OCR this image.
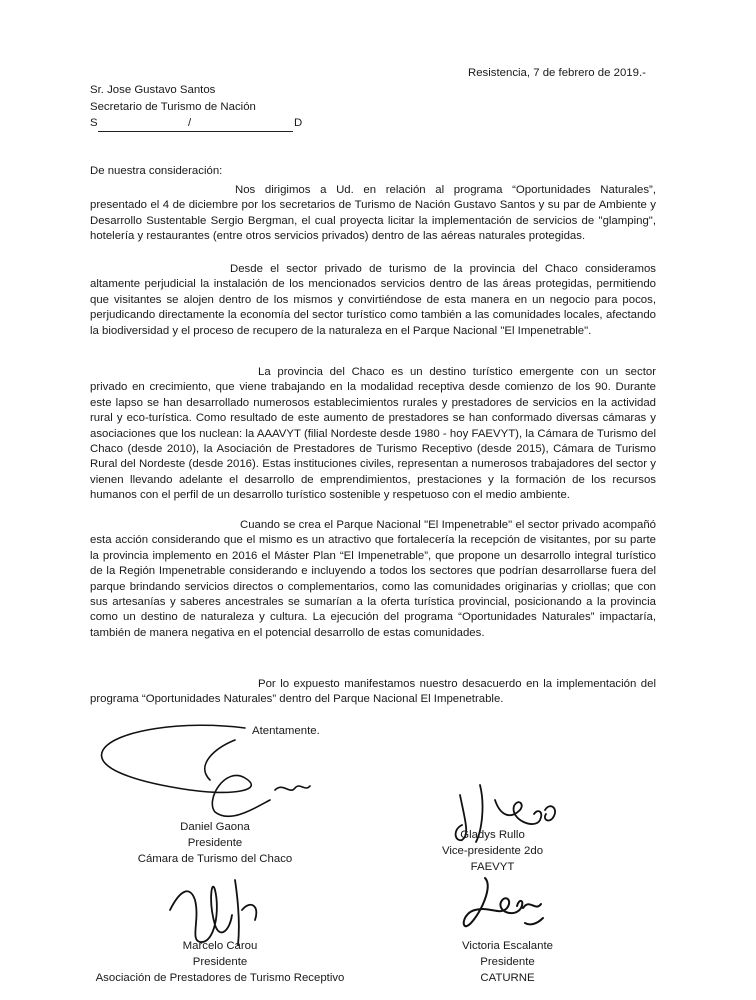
Resistencia, 7 de febrero de 2019.-
Sr. Jose Gustavo Santos
Secretario de Turismo de Nación
S	/	D
De nuestra consideración:

Nos dirigimos a Ud. en relación al programa “Oportunidades Naturales”, presentado el 4 de diciembre por los secretarios de Turismo de Nación Gustavo Santos y su par de Ambiente y Desarrollo Sustentable Sergio Bergman, el cual proyecta licitar la implementación de servicios de "glamping", hotelería y restaurantes (entre otros servicios privados) dentro de las aéreas naturales protegidas.

Desde el sector privado de turismo de la provincia del Chaco consideramos altamente perjudicial la instalación de los mencionados servicios dentro de las áreas protegidas, permitiendo que visitantes se alojen dentro de los mismos y convirtiéndose de esta manera en un negocio para pocos, perjudicando directamente la economía del sector turístico como también a las comunidades locales, afectando la biodiversidad y el proceso de recupero de la naturaleza en el Parque Nacional "El Impenetrable".

La provincia del Chaco es un destino turístico emergente con un sector privado en crecimiento, que viene trabajando en la modalidad receptiva desde comienzo de los 90. Durante este lapso se han desarrollado numerosos establecimientos rurales y prestadores de servicios en la actividad rural y eco-turística. Como resultado de este aumento de prestadores se han conformado diversas cámaras y asociaciones que los nuclean: la AAAVYT (filial Nordeste desde 1980 - hoy FAEVYT), la Cámara de Turismo del Chaco (desde 2010), la Asociación de Prestadores de Turismo Receptivo (desde 2015), Cámara de Turismo Rural del Nordeste (desde 2016). Estas instituciones civiles, representan a numerosos trabajadores del sector y vienen llevando adelante el desarrollo de emprendimientos, prestaciones y la formación de los recursos humanos con el perfil de un desarrollo turístico sostenible y respetuoso con el medio ambiente.

Cuando se crea el Parque Nacional "El Impenetrable" el sector privado acompañó esta acción considerando que el mismo es un atractivo que fortalecería la recepción de visitantes, por su parte la provincia implemento en 2016 el Máster Plan “El Impenetrable”, que propone un desarrollo integral turístico de la Región Impenetrable considerando e incluyendo a todos los sectores que podrían desarrollarse fuera del parque brindando servicios directos o complementarios, como las comunidades originarias y criollas; que con sus artesanías y saberes ancestrales se sumarían a la oferta turística provincial, posicionando a la provincia como un destino de naturaleza y cultura. La ejecución del programa “Oportunidades Naturales” impactaría, también de manera negativa en el potencial desarrollo de estas comunidades.

Por lo expuesto manifestamos nuestro desacuerdo en la implementación del programa “Oportunidades Naturales” dentro del Parque Nacional El Impenetrable.

Atentamente.
Daniel Gaona
Presidente
Cámara de Turismo del Chaco
Gladys Rullo
Vice-presidente 2do
FAEVYT
Marcelo Carou
Presidente
Asociación de Prestadores de Turismo Receptivo
Victoria Escalante
Presidente
CATURNE
